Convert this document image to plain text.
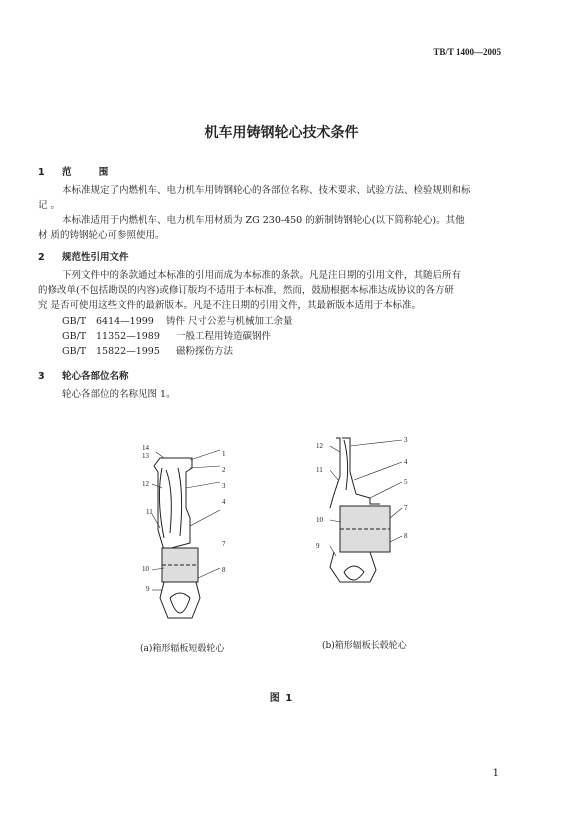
TB/T 1400—2005
机车用铸钢轮心技术条件
1 范 围
本标准规定了内燃机车、电力机车用铸钢轮心的各部位名称、技术要求、试验方法、检验规则和标
记 。
本标准适用于内燃机车、电力机车用材质为 ZG 230-450 的新制铸钢轮心(以下简称轮心)。其他
材 质的铸钢轮心可参照使用。
2 规范性引用文件
下列文件中的条款通过本标准的引用而成为本标准的条款。凡是注日期的引用文件，其随后所有
的修改单(不包括勘误的内容)或修订版均不适用于本标准，然而，鼓励根据本标准达成协议的各方研
究 是否可使用这些文件的最新版本。凡是不注日期的引用文件，其最新版本适用于本标准。
GB/T 6414—1999 铸件 尺寸公差与机械加工余量
GB/T 11352—1989 一般工程用铸造碳钢件
GB/T 15822—1995 磁粉探伤方法
3 轮心各部位名称
轮心各部位的名称见图 1。
14
13
12
11
10
9
1
2
3
4
7
8
12
11
10
9
3
4
5
7
8
(a)箱形辐板短毂轮心	(b)箱形辐板长毂轮心
图 1
1
